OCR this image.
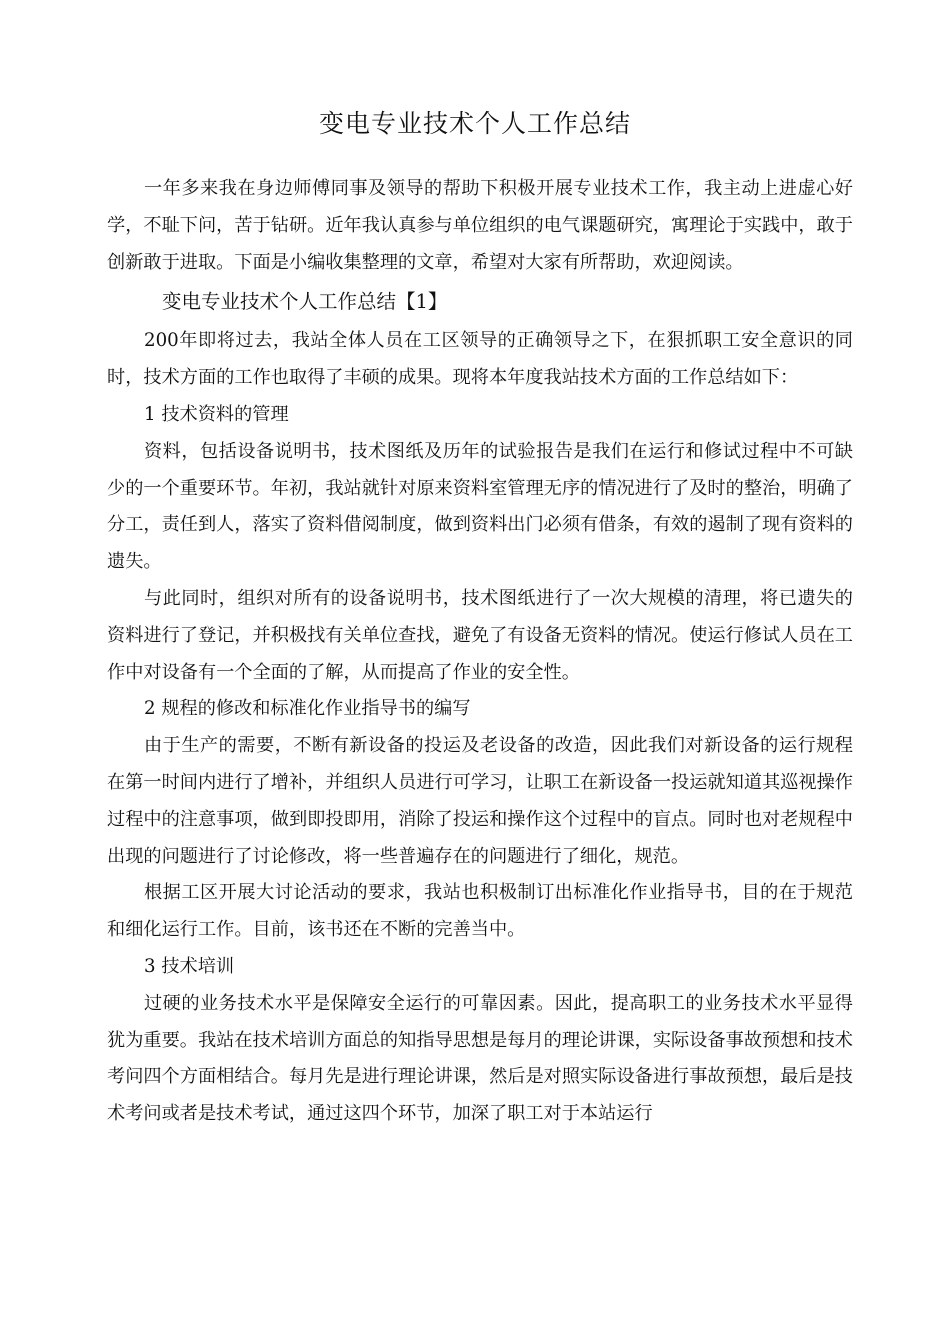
变电专业技术个人工作总结

一年多来我在身边师傅同事及领导的帮助下积极开展专业技术工作，我主动上进虚心好学，不耻下问，苦于钻研。近年我认真参与单位组织的电气课题研究，寓理论于实践中，敢于创新敢于进取。下面是小编收集整理的文章，希望对大家有所帮助，欢迎阅读。

变电专业技术个人工作总结【1】

200年即将过去，我站全体人员在工区领导的正确领导之下，在狠抓职工安全意识的同时，技术方面的工作也取得了丰硕的成果。现将本年度我站技术方面的工作总结如下：

1 技术资料的管理

资料，包括设备说明书，技术图纸及历年的试验报告是我们在运行和修试过程中不可缺少的一个重要环节。年初，我站就针对原来资料室管理无序的情况进行了及时的整治，明确了分工，责任到人，落实了资料借阅制度，做到资料出门必须有借条，有效的遏制了现有资料的遗失。

与此同时，组织对所有的设备说明书，技术图纸进行了一次大规模的清理，将已遗失的资料进行了登记，并积极找有关单位查找，避免了有设备无资料的情况。使运行修试人员在工作中对设备有一个全面的了解，从而提高了作业的安全性。

2 规程的修改和标准化作业指导书的编写

由于生产的需要，不断有新设备的投运及老设备的改造，因此我们对新设备的运行规程在第一时间内进行了增补，并组织人员进行可学习，让职工在新设备一投运就知道其巡视操作过程中的注意事项，做到即投即用，消除了投运和操作这个过程中的盲点。同时也对老规程中出现的问题进行了讨论修改，将一些普遍存在的问题进行了细化，规范。

根据工区开展大讨论活动的要求，我站也积极制订出标准化作业指导书，目的在于规范和细化运行工作。目前，该书还在不断的完善当中。

3 技术培训

过硬的业务技术水平是保障安全运行的可靠因素。因此，提高职工的业务技术水平显得犹为重要。我站在技术培训方面总的知指导思想是每月的理论讲课，实际设备事故预想和技术考问四个方面相结合。每月先是进行理论讲课，然后是对照实际设备进行事故预想，最后是技术考问或者是技术考试，通过这四个环节，加深了职工对于本站运行
